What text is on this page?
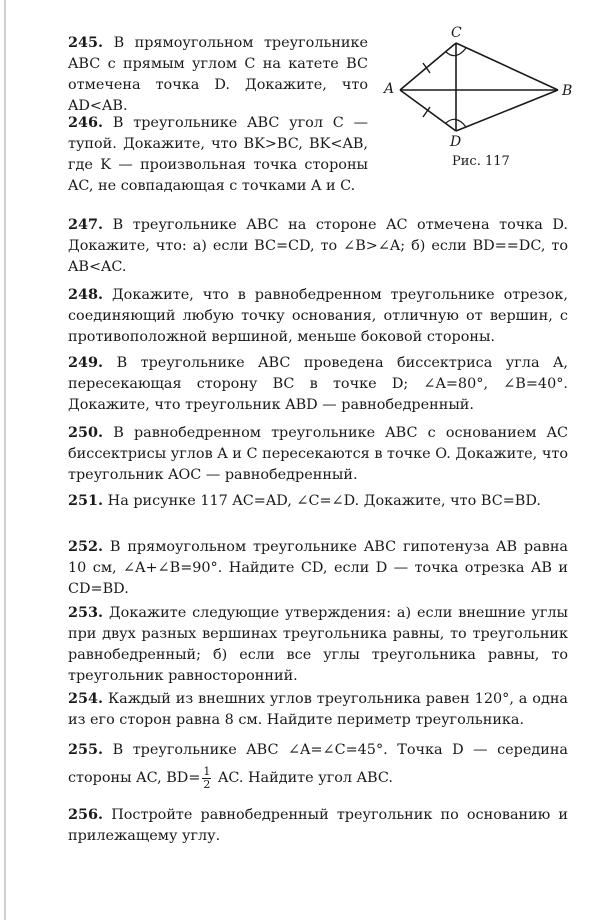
A	B
C
D
Рис. 117
245. В прямоугольном треугольнике ABC с прямым углом C на катете BC отмечена точка D. Докажите, что AD<AB.
246. В треугольнике ABC угол C — тупой. Докажите, что BK>BC, BK<AB, где K — произвольная точка стороны AC, не совпадающая с точками A и C.
247. В треугольнике ABC на стороне AC отмечена точка D. Докажите, что: а) если BC=CD, то ∠B>∠A; б) если BD==DC, то AB<AC.
248. Докажите, что в равнобедренном треугольнике отрезок, соединяющий любую точку основания, отличную от вершин, с противоположной вершиной, меньше боковой стороны.
249. В треугольнике ABC проведена биссектриса угла A, пересекающая сторону BC в точке D; ∠A=80°, ∠B=40°. Докажите, что треугольник ABD — равнобедренный.
250. В равнобедренном треугольнике ABC с основанием AC биссектрисы углов A и C пересекаются в точке O. Докажите, что треугольник AOC — равнобедренный.
251. На рисунке 117 AC=AD, ∠C=∠D. Докажите, что BC=BD.
252. В прямоугольном треугольнике ABC гипотенуза AB равна 10 см, ∠A+∠B=90°. Найдите CD, если D — точка отрезка AB и CD=BD.
253. Докажите следующие утверждения: а) если внешние углы при двух разных вершинах треугольника равны, то треугольник равнобедренный; б) если все углы треугольника равны, то треугольник равносторонний.
254. Каждый из внешних углов треугольника равен 120°, а одна из его сторон равна 8 см. Найдите периметр треугольника.
255. В треугольнике ABC ∠A=∠C=45°. Точка D — середина стороны AC, $BD= \frac{1}{2}$ AC. Найдите угол ABC.
256. Постройте равнобедренный треугольник по основанию и прилежащему углу.
